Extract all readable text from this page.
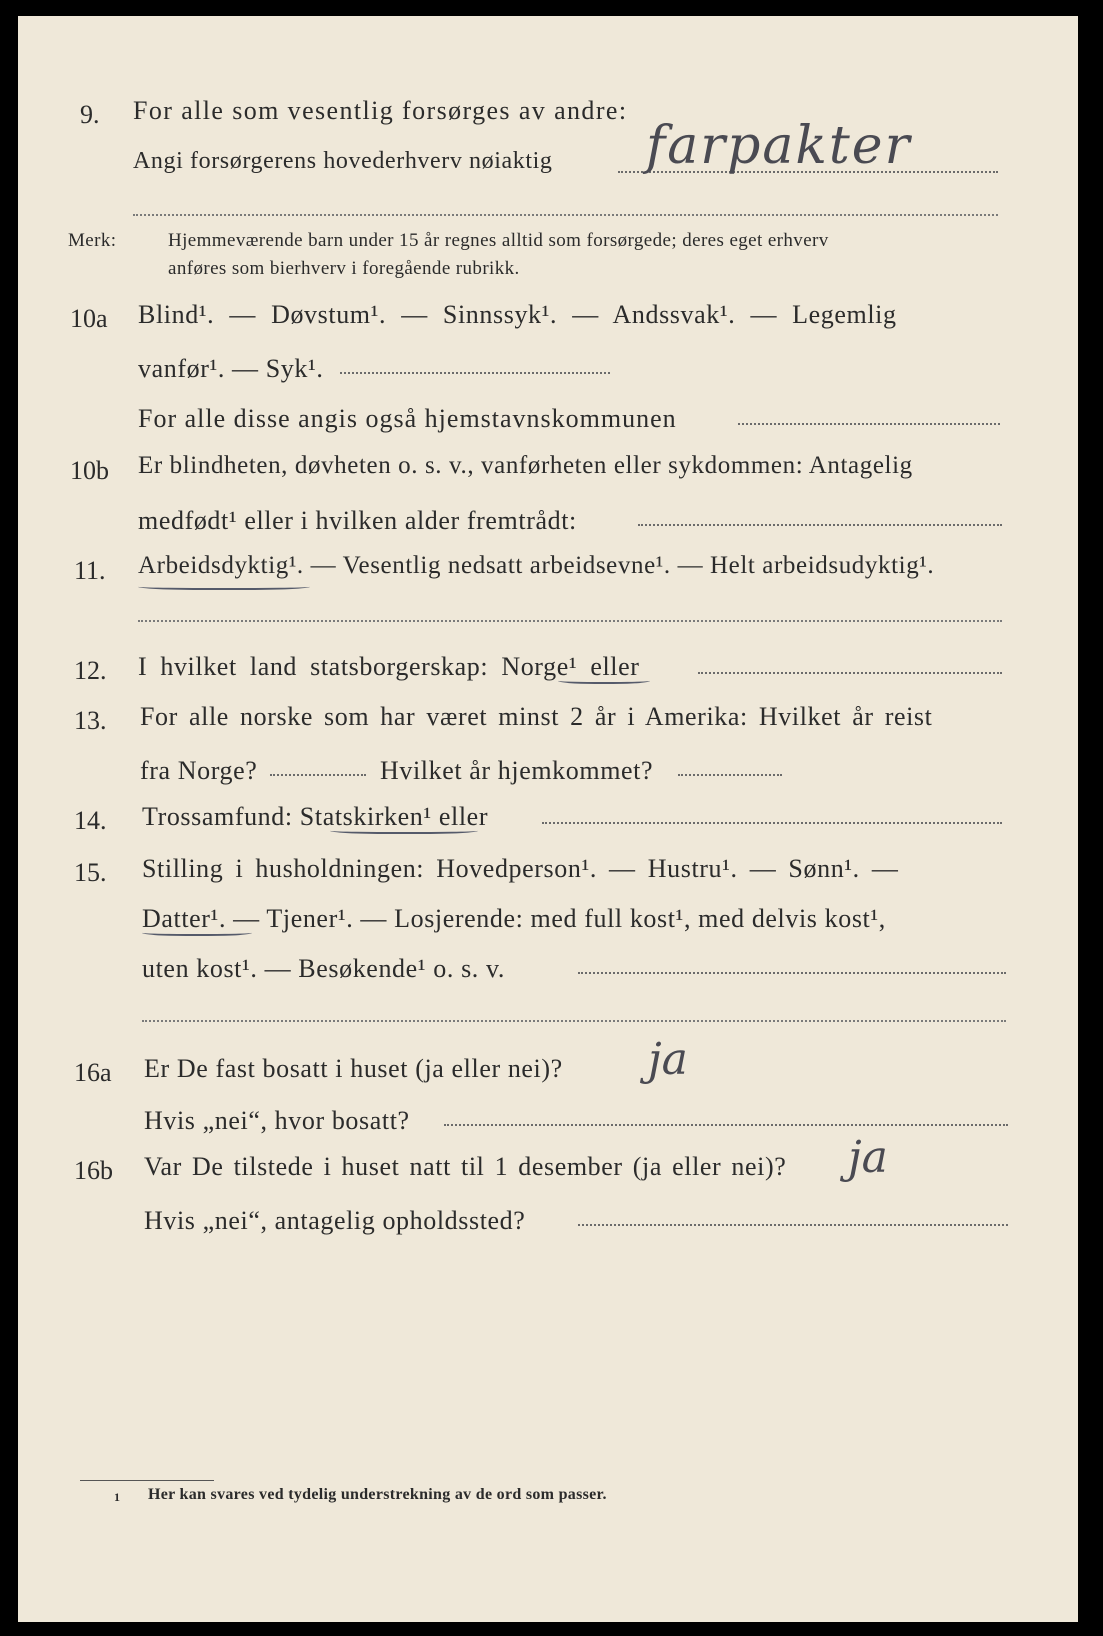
9. For alle som vesentlig forsørges av andre:
Angi forsørgerens hovederhverv nøiaktig farpakter
Merk:	Hjemmeværende barn under 15 år regnes alltid som forsørgede; deres eget erhverv
anføres som bierhverv i foregående rubrikk.
10a Blind¹. — Døvstum¹. — Sinnssyk¹. — Andssvak¹. — Legemlig
vanfør¹. — Syk¹.
For alle disse angis også hjemstavnskommunen
10b Er blindheten, døvheten o. s. v., vanførheten eller sykdommen: Antagelig
medfødt¹ eller i hvilken alder fremtrådt:
11. Arbeidsdyktig¹. — Vesentlig nedsatt arbeidsevne¹. — Helt arbeidsudyktig¹.
12. I hvilket land statsborgerskap: Norge¹ eller
13. For alle norske som har været minst 2 år i Amerika: Hvilket år reist
fra Norge?	Hvilket år hjemkommet?
14. Trossamfund: Statskirken¹ eller
15. Stilling i husholdningen: Hovedperson¹. — Hustru¹. — Sønn¹. —
Datter¹. — Tjener¹. — Losjerende: med full kost¹, med delvis kost¹,
uten kost¹. — Besøkende¹ o. s. v.
16a Er De fast bosatt i huset (ja eller nei)? ja
Hvis „nei“, hvor bosatt?
16b Var De tilstede i huset natt til 1 desember (ja eller nei)? ja
Hvis „nei“, antagelig opholdssted?
1 Her kan svares ved tydelig understrekning av de ord som passer.
